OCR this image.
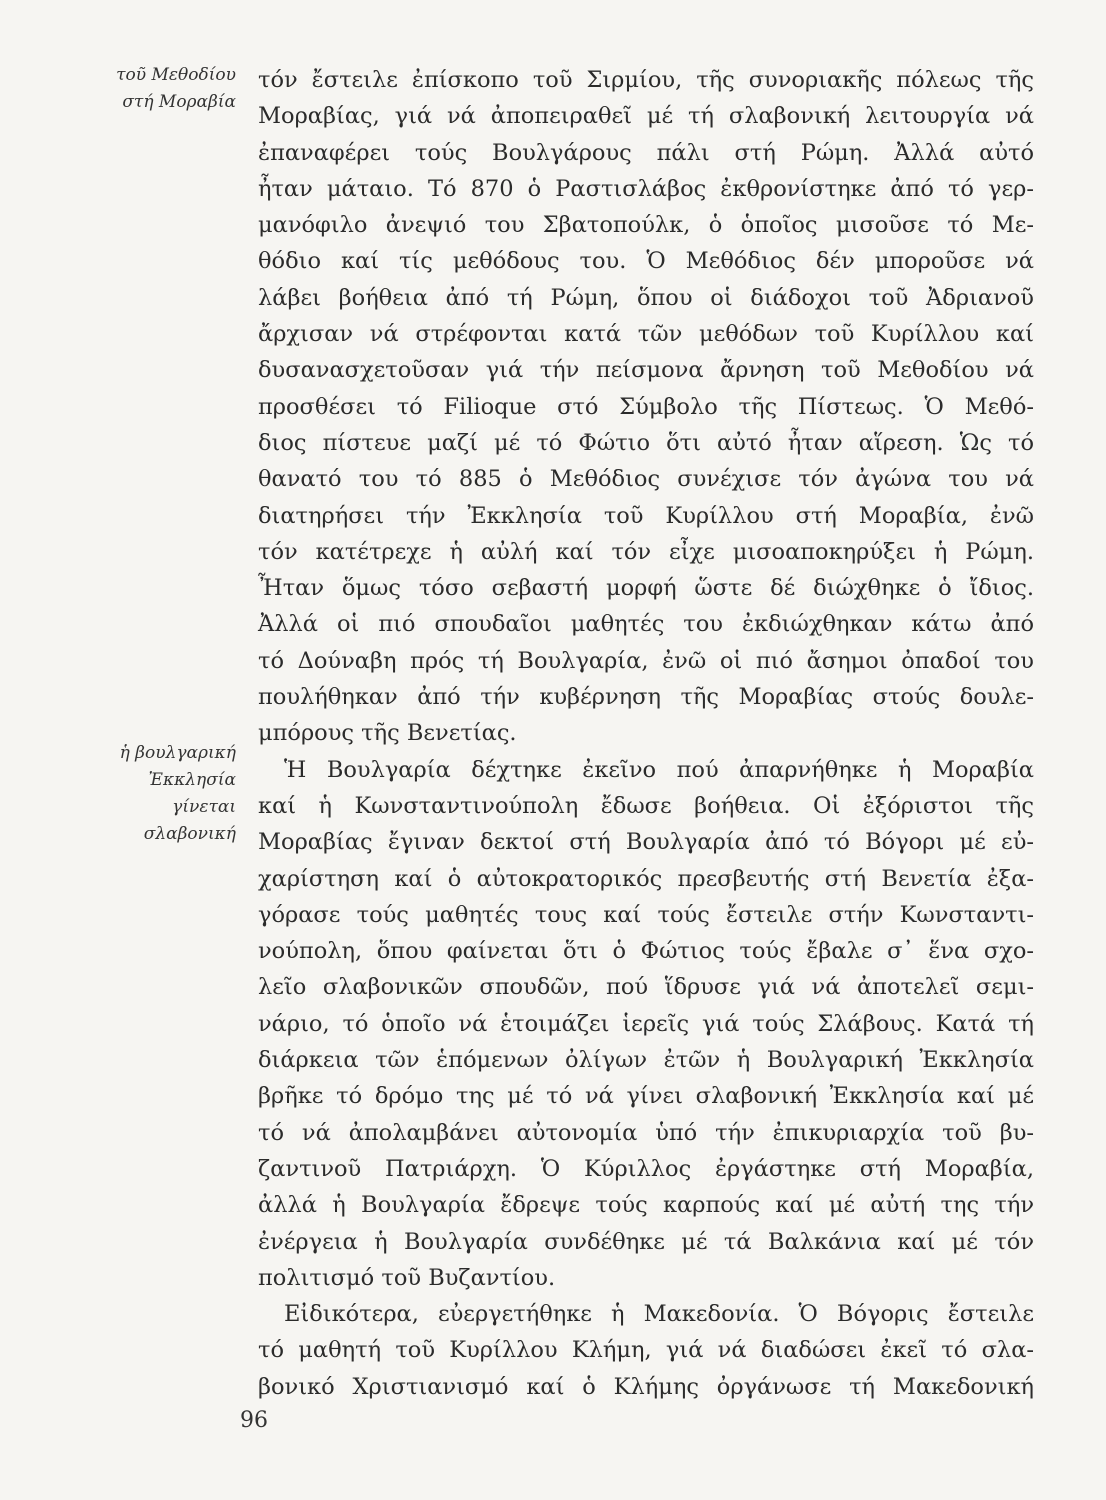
τοῦ Μεθοδίου
στή Μοραβία
ἡ βουλγαρική
Ἐκκλησία
γίνεται
σλαβονική
τόν ἔστειλε ἐπίσκοπο τοῦ Σιρμίου, τῆς συνοριακῆς πόλεως τῆς
Μοραβίας, γιά νά ἀποπειραθεῖ μέ τή σλαβονική λειτουργία νά
ἐπαναφέρει τούς Βουλγάρους πάλι στή Ρώμη. Ἀλλά αὐτό
ἦταν μάταιο. Τό 870 ὁ Ραστισλάβος ἐκθρονίστηκε ἀπό τό γερ-
μανόφιλο ἀνεψιό του Σβατοπούλκ, ὁ ὁποῖος μισοῦσε τό Με-
θόδιο καί τίς μεθόδους του. Ὁ Μεθόδιος δέν μποροῦσε νά
λάβει βοήθεια ἀπό τή Ρώμη, ὅπου οἱ διάδοχοι τοῦ Ἀδριανοῦ
ἄρχισαν νά στρέφονται κατά τῶν μεθόδων τοῦ Κυρίλλου καί
δυσανασχετοῦσαν γιά τήν πείσμονα ἄρνηση τοῦ Μεθοδίου νά
προσθέσει τό Filioque στό Σύμβολο τῆς Πίστεως. Ὁ Μεθό-
διος πίστευε μαζί μέ τό Φώτιο ὅτι αὐτό ἦταν αἵρεση. Ὡς τό
θανατό του τό 885 ὁ Μεθόδιος συνέχισε τόν ἀγώνα του νά
διατηρήσει τήν Ἐκκλησία τοῦ Κυρίλλου στή Μοραβία, ἐνῶ
τόν κατέτρεχε ἡ αὐλή καί τόν εἶχε μισοαποκηρύξει ἡ Ρώμη.
Ἦταν ὅμως τόσο σεβαστή μορφή ὥστε δέ διώχθηκε ὁ ἴδιος.
Ἀλλά οἱ πιό σπουδαῖοι μαθητές του ἐκδιώχθηκαν κάτω ἀπό
τό Δούναβη πρός τή Βουλγαρία, ἐνῶ οἱ πιό ἄσημοι ὀπαδοί του
πουλήθηκαν ἀπό τήν κυβέρνηση τῆς Μοραβίας στούς δουλε-
μπόρους τῆς Βενετίας.
Ἡ Βουλγαρία δέχτηκε ἐκεῖνο πού ἀπαρνήθηκε ἡ Μοραβία
καί ἡ Κωνσταντινούπολη ἔδωσε βοήθεια. Οἱ ἐξόριστοι τῆς
Μοραβίας ἔγιναν δεκτοί στή Βουλγαρία ἀπό τό Βόγορι μέ εὐ-
χαρίστηση καί ὁ αὐτοκρατορικός πρεσβευτής στή Βενετία ἐξα-
γόρασε τούς μαθητές τους καί τούς ἔστειλε στήν Κωνσταντι-
νούπολη, ὅπου φαίνεται ὅτι ὁ Φώτιος τούς ἔβαλε σ᾽ ἕνα σχο-
λεῖο σλαβονικῶν σπουδῶν, πού ἵδρυσε γιά νά ἀποτελεῖ σεμι-
νάριο, τό ὁποῖο νά ἑτοιμάζει ἱερεῖς γιά τούς Σλάβους. Κατά τή
διάρκεια τῶν ἑπόμενων ὀλίγων ἐτῶν ἡ Βουλγαρική Ἐκκλησία
βρῆκε τό δρόμο της μέ τό νά γίνει σλαβονική Ἐκκλησία καί μέ
τό νά ἀπολαμβάνει αὐτονομία ὑπό τήν ἐπικυριαρχία τοῦ βυ-
ζαντινοῦ Πατριάρχη. Ὁ Κύριλλος ἐργάστηκε στή Μοραβία,
ἀλλά ἡ Βουλγαρία ἔδρεψε τούς καρπούς καί μέ αὐτή της τήν
ἐνέργεια ἡ Βουλγαρία συνδέθηκε μέ τά Βαλκάνια καί μέ τόν
πολιτισμό τοῦ Βυζαντίου.
Εἰδικότερα, εὐεργετήθηκε ἡ Μακεδονία. Ὁ Βόγορις ἔστειλε
τό μαθητή τοῦ Κυρίλλου Κλήμη, γιά νά διαδώσει ἐκεῖ τό σλα-
βονικό Χριστιανισμό καί ὁ Κλήμης ὀργάνωσε τή Μακεδονική
96
